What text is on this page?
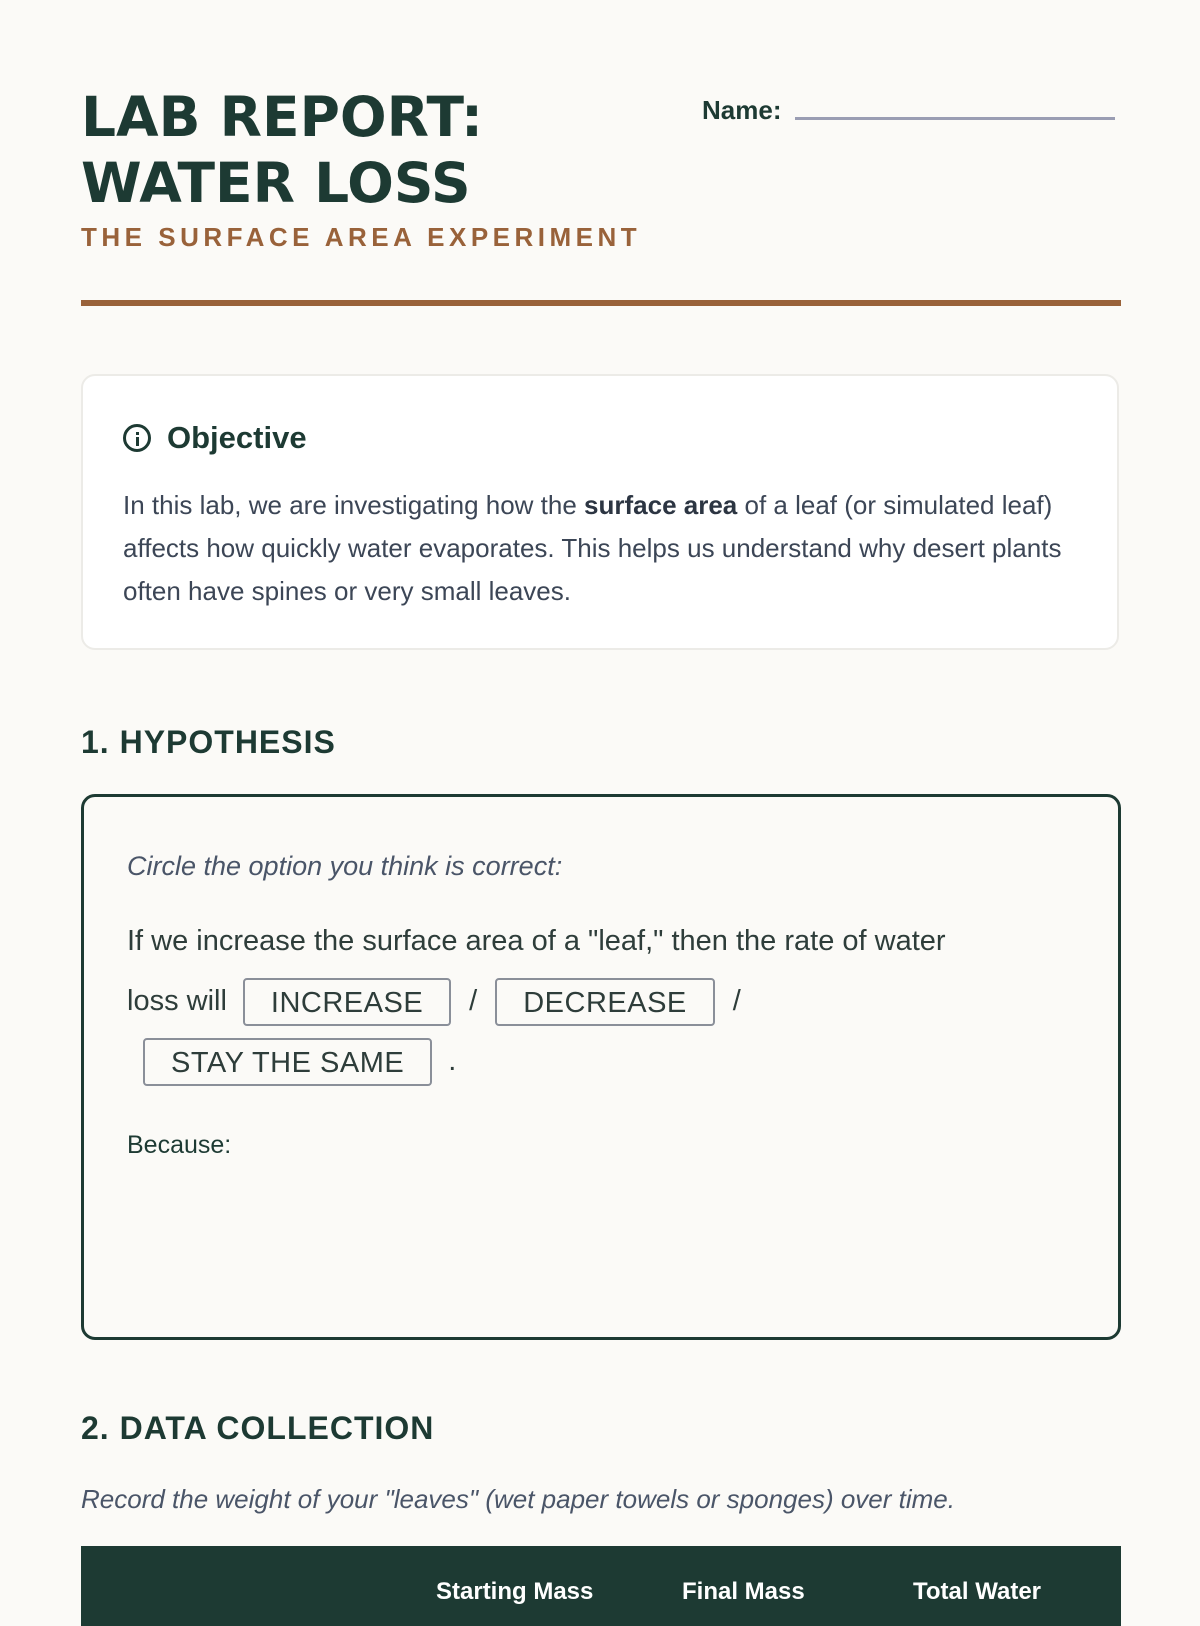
LAB REPORT:
WATER LOSS
THE SURFACE AREA EXPERIMENT
Name:
Objective
In this lab, we are investigating how the surface area of a leaf (or simulated leaf) affects how quickly water evaporates. This helps us understand why desert plants often have spines or very small leaves.
1. HYPOTHESIS
Circle the option you think is correct:
If we increase the surface area of a "leaf," then the rate of water loss will INCREASE / DECREASE /STAY THE SAME .
Because:
2. DATA COLLECTION
Record the weight of your "leaves" (wet paper towels or sponges) over time.
Starting Mass	Final Mass	Total Water
